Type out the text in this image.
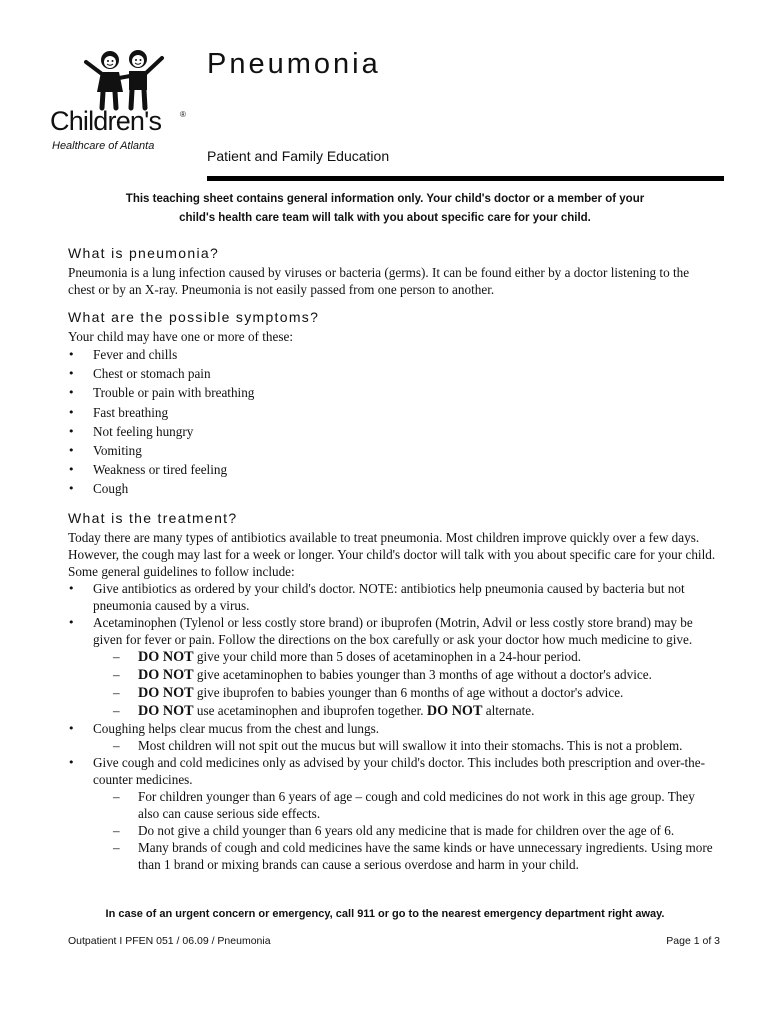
Children's ®
Healthcare of Atlanta
Pneumonia
Patient and Family Education
This teaching sheet contains general information only. Your child's doctor or a member of your
child's health care team will talk with you about specific care for your child.
What is pneumonia?

Pneumonia is a lung infection caused by viruses or bacteria (germs). It can be found either by a doctor listening to the chest or by an X-ray. Pneumonia is not easily passed from one person to another.

What are the possible symptoms?

Your child may have one or more of these:

• Fever and chills
• Chest or stomach pain
• Trouble or pain with breathing
• Fast breathing
• Not feeling hungry
• Vomiting
• Weakness or tired feeling
• Cough
What is the treatment?

Today there are many types of antibiotics available to treat pneumonia. Most children improve quickly over a few days. However, the cough may last for a week or longer. Your child's doctor will talk with you about specific care for your child. Some general guidelines to follow include:

• Give antibiotics as ordered by your child's doctor. NOTE: antibiotics help pneumonia caused by bacteria but not pneumonia caused by a virus.
• Acetaminophen (Tylenol or less costly store brand) or ibuprofen (Motrin, Advil or less costly store brand) may be given for fever or pain. Follow the directions on the box carefully or ask your doctor how much medicine to give.
– DO NOT give your child more than 5 doses of acetaminophen in a 24-hour period.
– DO NOT give acetaminophen to babies younger than 3 months of age without a doctor's advice.
– DO NOT give ibuprofen to babies younger than 6 months of age without a doctor's advice.
– DO NOT use acetaminophen and ibuprofen together. DO NOT alternate.
• Coughing helps clear mucus from the chest and lungs.
– Most children will not spit out the mucus but will swallow it into their stomachs. This is not a problem.
• Give cough and cold medicines only as advised by your child's doctor. This includes both prescription and over-the-counter medicines.
– For children younger than 6 years of age – cough and cold medicines do not work in this age group. They also can cause serious side effects.
– Do not give a child younger than 6 years old any medicine that is made for children over the age of 6.
– Many brands of cough and cold medicines have the same kinds or have unnecessary ingredients. Using more than 1 brand or mixing brands can cause a serious overdose and harm in your child.
In case of an urgent concern or emergency, call 911 or go to the nearest emergency department right away.
Outpatient I PFEN 051 / 06.09 / Pneumonia	Page 1 of 3
